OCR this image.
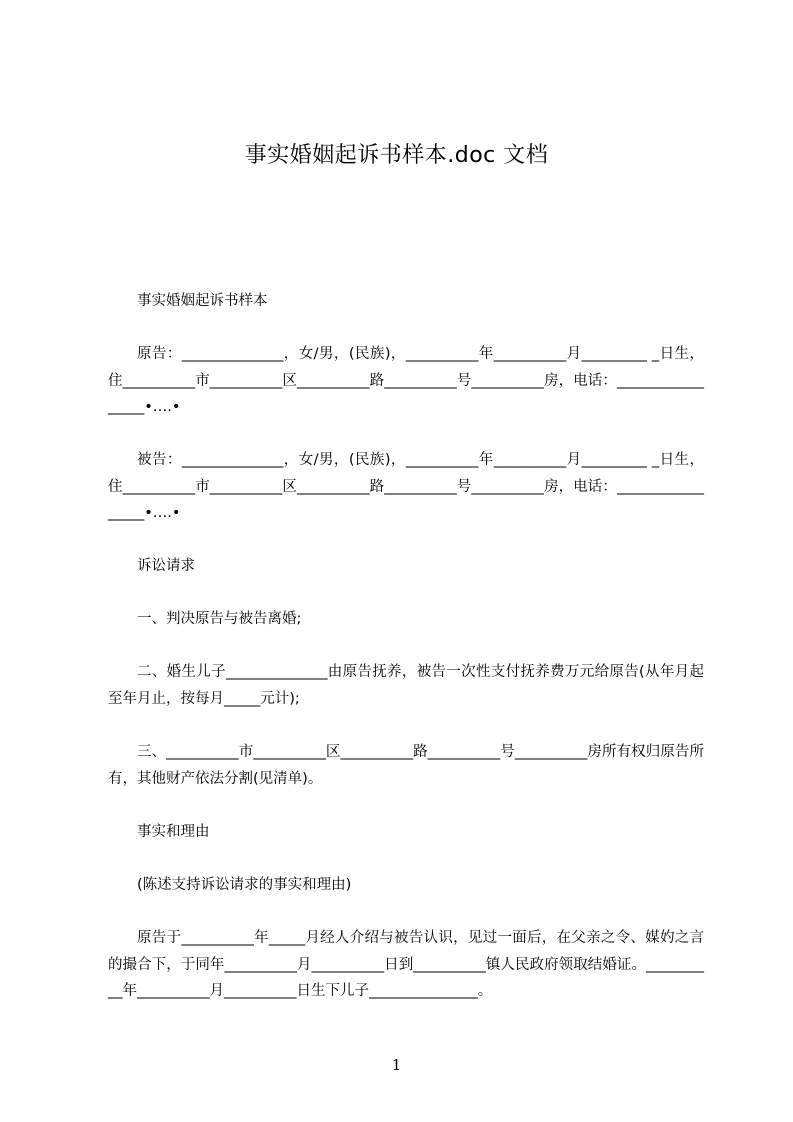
事实婚姻起诉书样本.doc 文档
事实婚姻起诉书样本
原告：______________，女/男，(民族)，__________年__________月_________ _日生，住__________市__________区__________路__________号__________房，电话：_________________•….•
被告：______________，女/男，(民族)，__________年__________月_________ _日生，住__________市__________区__________路__________号__________房，电话：_________________•….•
诉讼请求
一、判决原告与被告离婚;
二、婚生儿子______________由原告抚养，被告一次性支付抚养费万元给原告(从年月起至年月止，按每月_____元计);
三、__________市__________区__________路__________号__________房所有权归原告所有，其他财产依法分割(见清单)。
事实和理由
(陈述支持诉讼请求的事实和理由)
原告于__________年_____月经人介绍与被告认识，见过一面后，在父亲之令、媒妁之言的撮合下，于同年__________月__________日到__________镇人民政府领取结婚证。__________年__________月__________日生下儿子_______________。
1
